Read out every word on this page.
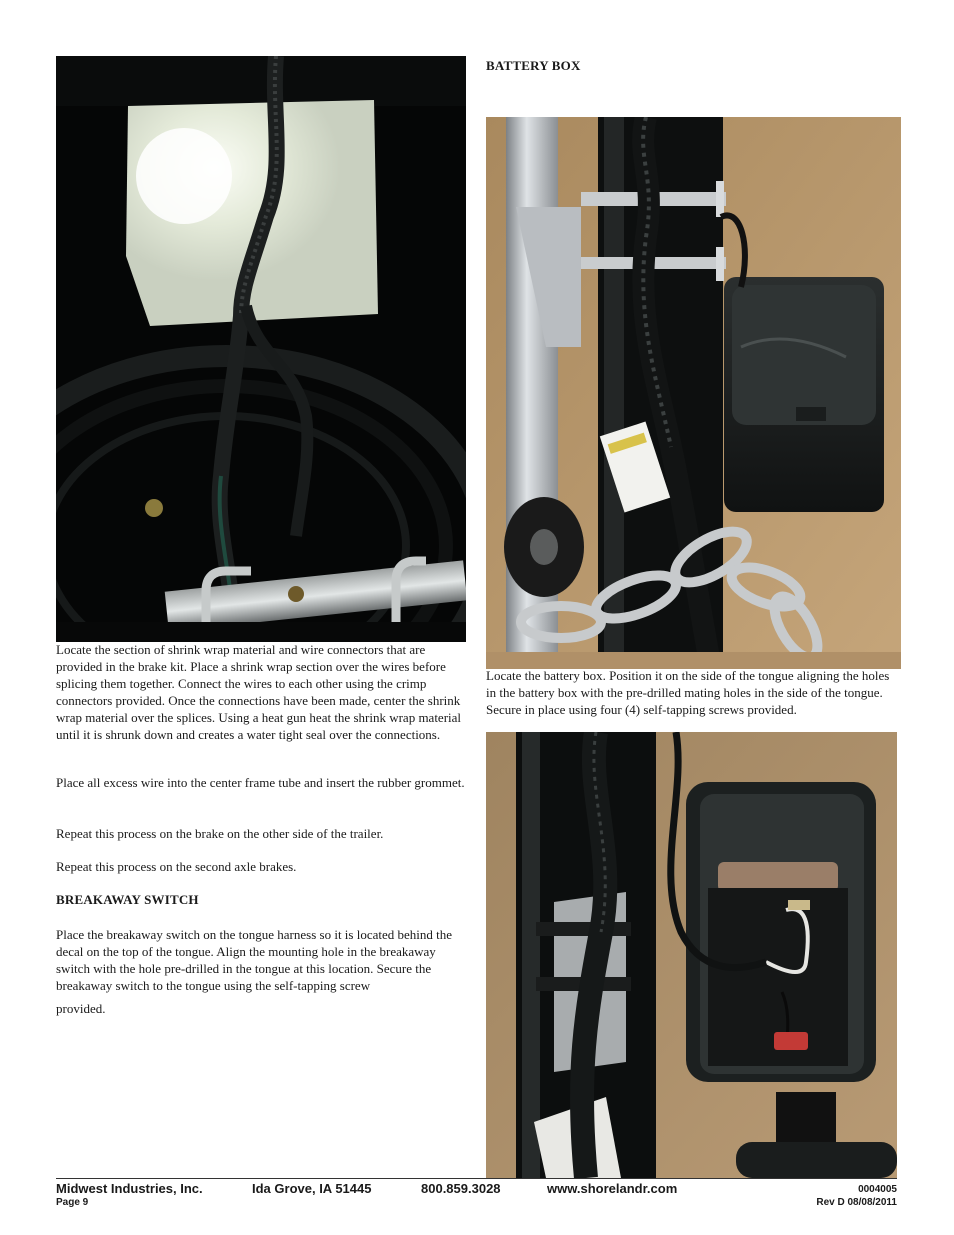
Locate the section of shrink wrap material and wire connectors that are provided in the brake kit. Place a shrink wrap section over the wires before splicing them together. Connect the wires to each other using the crimp connectors provided. Once the connections have been made, center the shrink wrap material over the splices. Using a heat gun heat the shrink wrap material until it is shrunk down and creates a water tight seal over the connections.

Place all excess wire into the center frame tube and insert the rubber grommet.

Repeat this process on the brake on the other side of the trailer.

Repeat this process on the second axle brakes.

BREAKAWAY SWITCH

Place the breakaway switch on the tongue harness so it is located behind the decal on the top of the tongue. Align the mounting hole in the breakaway switch with the hole pre-drilled in the tongue at this location. Secure the breakaway switch to the tongue using the self-tapping screw

provided.

BATTERY BOX

Locate the battery box. Position it on the side of the tongue aligning the holes in the battery box with the pre-drilled mating holes in the side of the tongue. Secure in place using four (4) self-tapping screws provided.

Midwest Industries, Inc.	Ida Grove, IA 51445	800.859.3028	www.shorelandr.com	0004005

Page 9	Rev D 08/08/2011
